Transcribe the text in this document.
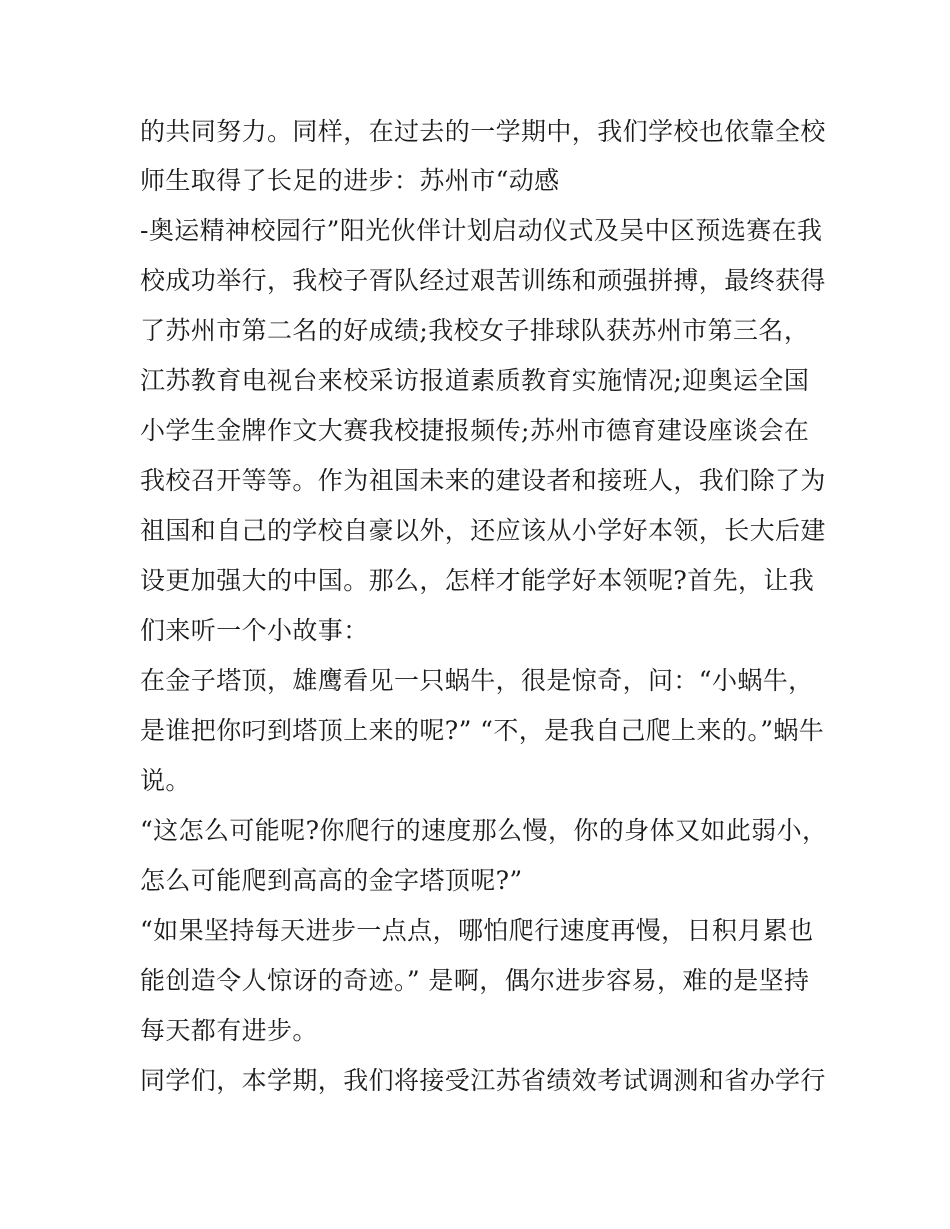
的共同努力。同样，在过去的一学期中，我们学校也依靠全校
师生取得了长足的进步：苏州市“动感
-奥运精神校园行”阳光伙伴计划启动仪式及吴中区预选赛在我
校成功举行，我校子胥队经过艰苦训练和顽强拼搏，最终获得
了苏州市第二名的好成绩;我校女子排球队获苏州市第三名，
江苏教育电视台来校采访报道素质教育实施情况;迎奥运全国
小学生金牌作文大赛我校捷报频传;苏州市德育建设座谈会在
我校召开等等。作为祖国未来的建设者和接班人，我们除了为
祖国和自己的学校自豪以外，还应该从小学好本领，长大后建
设更加强大的中国。那么，怎样才能学好本领呢?首先，让我
们来听一个小故事：
在金子塔顶，雄鹰看见一只蜗牛，很是惊奇，问：“小蜗牛，
是谁把你叼到塔顶上来的呢?” “不，是我自己爬上来的。”蜗牛
说。
“这怎么可能呢?你爬行的速度那么慢，你的身体又如此弱小，
怎么可能爬到高高的金字塔顶呢?”
“如果坚持每天进步一点点，哪怕爬行速度再慢，日积月累也
能创造令人惊讶的奇迹。” 是啊，偶尔进步容易，难的是坚持
每天都有进步。
同学们，本学期，我们将接受江苏省绩效考试调测和省办学行
